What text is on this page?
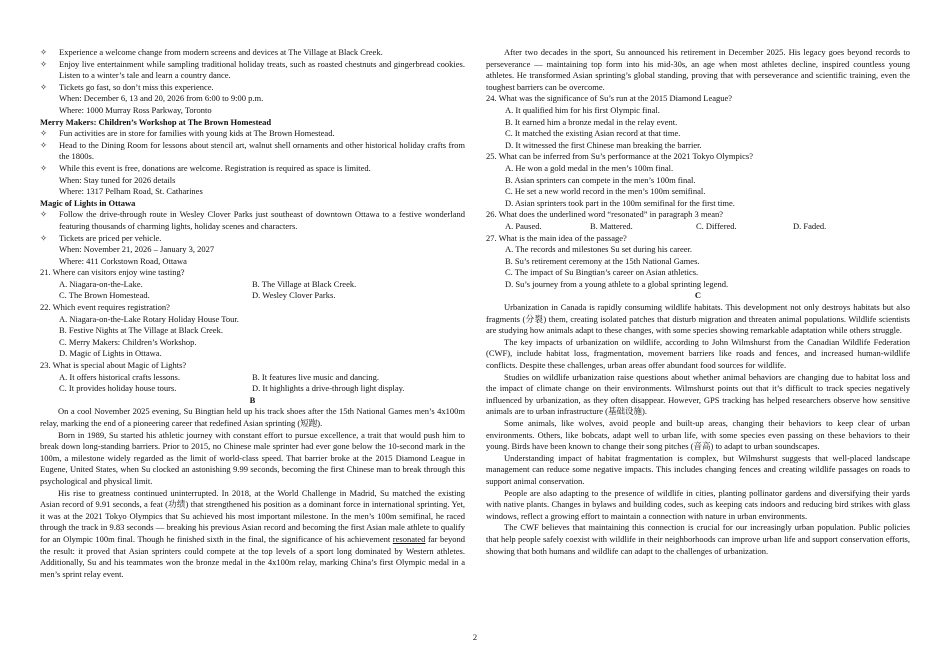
✧ Experience a welcome change from modern screens and devices at The Village at Black Creek.

✧ Enjoy live entertainment while sampling traditional holiday treats, such as roasted chestnuts and gingerbread cookies. Listen to a winter’s tale and learn a country dance.

✧ Tickets go fast, so don’t miss this experience.

When: December 6, 13 and 20, 2026 from 6:00 to 9:00 p.m.

Where: 1000 Murray Ross Parkway, Toronto

Merry Makers: Children’s Workshop at The Brown Homestead

✧ Fun activities are in store for families with young kids at The Brown Homestead.

✧ Head to the Dining Room for lessons about stencil art, walnut shell ornaments and other historical holiday crafts from the 1800s.

✧ While this event is free, donations are welcome. Registration is required as space is limited.

When: Stay tuned for 2026 details

Where: 1317 Pelham Road, St. Catharines

Magic of Lights in Ottawa

✧ Follow the drive-through route in Wesley Clover Parks just southeast of downtown Ottawa to a festive wonderland featuring thousands of charming lights, holiday scenes and characters.

✧ Tickets are priced per vehicle.

When: November 21, 2026 – January 3, 2027

Where: 411 Corkstown Road, Ottawa

21. Where can visitors enjoy wine tasting?

A. Niagara-on-the-Lake.	B. The Village at Black Creek.
C. The Brown Homestead.	D. Wesley Clover Parks.

22. Which event requires registration?

A. Niagara-on-the-Lake Rotary Holiday House Tour.

B. Festive Nights at The Village at Black Creek.

C. Merry Makers: Children’s Workshop.

D. Magic of Lights in Ottawa.

23. What is special about Magic of Lights?

A. It offers historical crafts lessons.	B. It features live music and dancing.
C. It provides holiday house tours.	D. It highlights a drive-through light display.

B

On a cool November 2025 evening, Su Bingtian held up his track shoes after the 15th National Games men’s 4x100m relay, marking the end of a pioneering career that redefined Asian sprinting (短跑).

Born in 1989, Su started his athletic journey with constant effort to pursue excellence, a trait that would push him to break down long-standing barriers. Prior to 2015, no Chinese male sprinter had ever gone below the 10-second mark in the 100m, a milestone widely regarded as the limit of world-class speed. That barrier broke at the 2015 Diamond League in Eugene, United States, when Su clocked an astonishing 9.99 seconds, becoming the first Chinese man to break through this psychological and physical limit.

His rise to greatness continued uninterrupted. In 2018, at the World Challenge in Madrid, Su matched the existing Asian record of 9.91 seconds, a feat (功绩) that strengthened his position as a dominant force in international sprinting. Yet, it was at the 2021 Tokyo Olympics that Su achieved his most important milestone. In the men’s 100m semifinal, he raced through the track in 9.83 seconds — breaking his previous Asian record and becoming the first Asian male athlete to qualify for an Olympic 100m final. Though he finished sixth in the final, the significance of his achievement resonated far beyond the result: it proved that Asian sprinters could compete at the top levels of a sport long dominated by Western athletes. Additionally, Su and his teammates won the bronze medal in the 4x100m relay, marking China’s first Olympic medal in a men’s sprint relay event.

After two decades in the sport, Su announced his retirement in December 2025. His legacy goes beyond records to perseverance — maintaining top form into his mid-30s, an age when most athletes decline, inspired countless young athletes. He transformed Asian sprinting’s global standing, proving that with perseverance and scientific training, even the toughest barriers can be overcome.

24. What was the significance of Su’s run at the 2015 Diamond League?

A. It qualified him for his first Olympic final.

B. It earned him a bronze medal in the relay event.

C. It matched the existing Asian record at that time.

D. It witnessed the first Chinese man breaking the barrier.

25. What can be inferred from Su’s performance at the 2021 Tokyo Olympics?

A. He won a gold medal in the men’s 100m final.

B. Asian sprinters can compete in the men’s 100m final.

C. He set a new world record in the men’s 100m semifinal.

D. Asian sprinters took part in the 100m semifinal for the first time.

26. What does the underlined word “resonated” in paragraph 3 mean?

A. Paused.	B. Mattered.	C. Differed.	D. Faded.

27. What is the main idea of the passage?

A. The records and milestones Su set during his career.

B. Su’s retirement ceremony at the 15th National Games.

C. The impact of Su Bingtian’s career on Asian athletics.

D. Su’s journey from a young athlete to a global sprinting legend.

C

Urbanization in Canada is rapidly consuming wildlife habitats. This development not only destroys habitats but also fragments (分裂) them, creating isolated patches that disturb migration and threaten animal populations. Wildlife scientists are studying how animals adapt to these changes, with some species showing remarkable adaptation while others struggle.

The key impacts of urbanization on wildlife, according to John Wilmshurst from the Canadian Wildlife Federation (CWF), include habitat loss, fragmentation, movement barriers like roads and fences, and increased human-wildlife conflicts. Despite these challenges, urban areas offer abundant food sources for wildlife.

Studies on wildlife urbanization raise questions about whether animal behaviors are changing due to habitat loss and the impact of climate change on their environments. Wilmshurst points out that it’s difficult to track species negatively influenced by urbanization, as they often disappear. However, GPS tracking has helped researchers observe how sensitive animals are to urban infrastructure (基础设施).

Some animals, like wolves, avoid people and built-up areas, changing their behaviors to keep clear of urban environments. Others, like bobcats, adapt well to urban life, with some species even passing on these behaviors to their young. Birds have been known to change their song pitches (音高) to adapt to urban soundscapes.

Understanding impact of habitat fragmentation is complex, but Wilmshurst suggests that well-placed landscape management can reduce some negative impacts. This includes changing fences and creating wildlife passages on roads to support animal conservation.

People are also adapting to the presence of wildlife in cities, planting pollinator gardens and diversifying their yards with native plants. Changes in bylaws and building codes, such as keeping cats indoors and reducing bird strikes with glass windows, reflect a growing effort to maintain a connection with nature in urban environments.

The CWF believes that maintaining this connection is crucial for our increasingly urban population. Public policies that help people safely coexist with wildlife in their neighborhoods can improve urban life and support conservation efforts, showing that both humans and wildlife can adapt to the challenges of urbanization.

2
